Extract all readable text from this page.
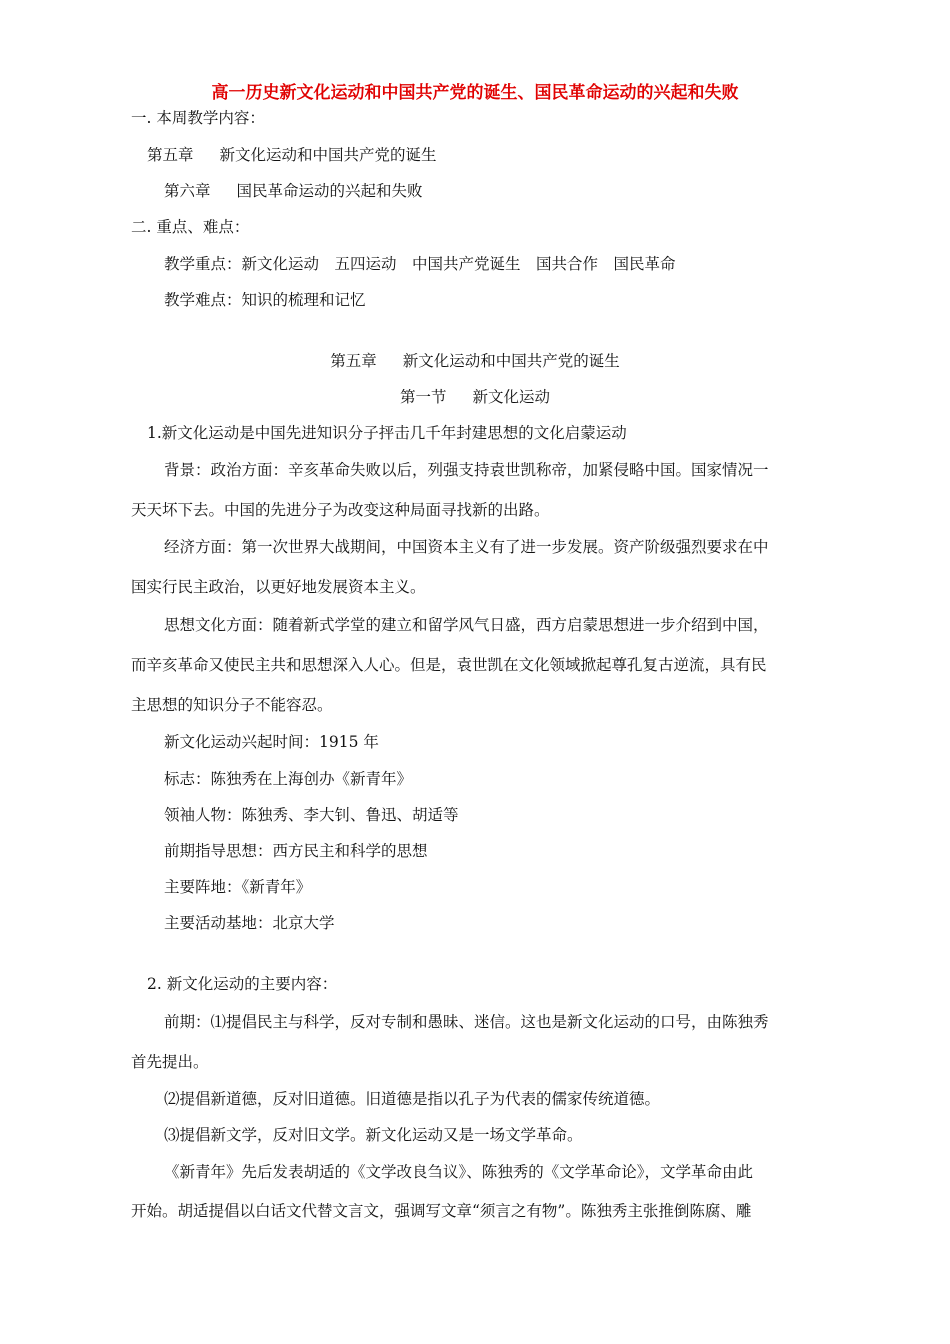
高一历史新文化运动和中国共产党的诞生、国民革命运动的兴起和失败
一. 本周教学内容：
第五章 新文化运动和中国共产党的诞生
第六章 国民革命运动的兴起和失败
二. 重点、难点：
教学重点：新文化运动　五四运动　中国共产党诞生　国共合作　国民革命
教学难点：知识的梳理和记忆
第五章 新文化运动和中国共产党的诞生
第一节 新文化运动
1.新文化运动是中国先进知识分子抨击几千年封建思想的文化启蒙运动
背景：政治方面：辛亥革命失败以后，列强支持袁世凯称帝，加紧侵略中国。国家情况一
天天坏下去。中国的先进分子为改变这种局面寻找新的出路。
经济方面：第一次世界大战期间，中国资本主义有了进一步发展。资产阶级强烈要求在中
国实行民主政治，以更好地发展资本主义。
思想文化方面：随着新式学堂的建立和留学风气日盛，西方启蒙思想进一步介绍到中国，
而辛亥革命又使民主共和思想深入人心。但是，袁世凯在文化领域掀起尊孔复古逆流，具有民
主思想的知识分子不能容忍。
新文化运动兴起时间：1915 年
标志：陈独秀在上海创办《新青年》
领袖人物：陈独秀、李大钊、鲁迅、胡适等
前期指导思想：西方民主和科学的思想
主要阵地：《新青年》
主要活动基地：北京大学
2. 新文化运动的主要内容：
前期：⑴提倡民主与科学，反对专制和愚昧、迷信。这也是新文化运动的口号，由陈独秀
首先提出。
⑵提倡新道德，反对旧道德。旧道德是指以孔子为代表的儒家传统道德。
⑶提倡新文学，反对旧文学。新文化运动又是一场文学革命。
《新青年》先后发表胡适的《文学改良刍议》、陈独秀的《文学革命论》，文学革命由此
开始。胡适提倡以白话文代替文言文，强调写文章“须言之有物”。陈独秀主张推倒陈腐、雕
